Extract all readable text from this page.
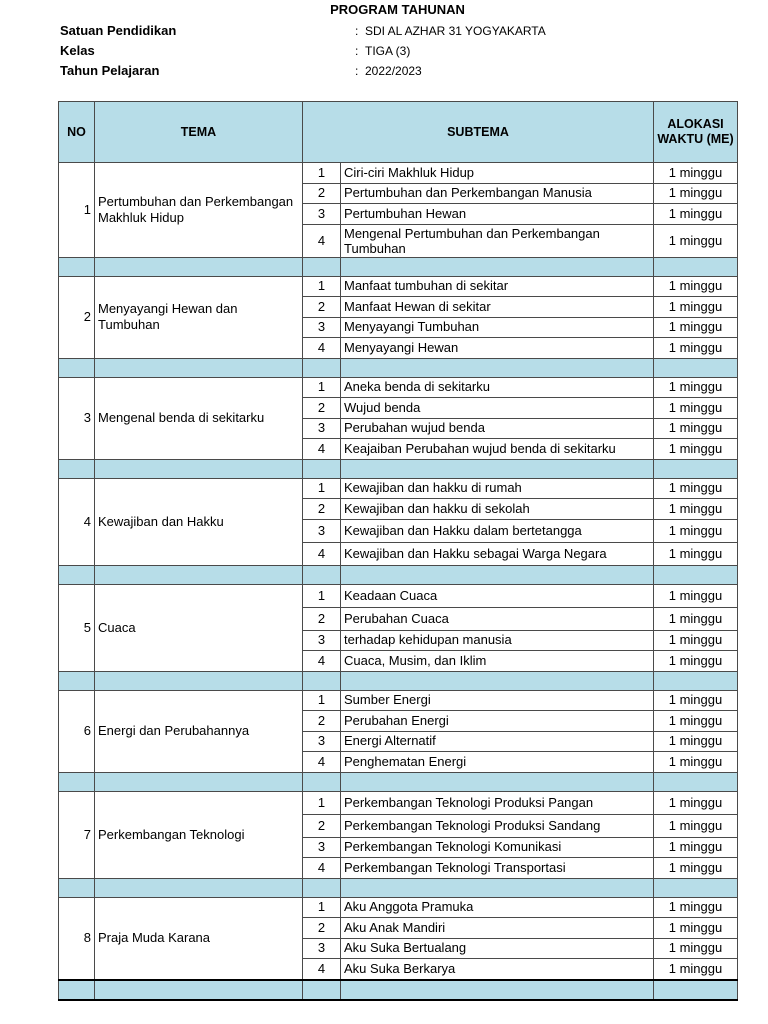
PROGRAM TAHUNAN
Satuan Pendidikan	: SDI AL AZHAR 31 YOGYAKARTA
Kelas	: TIGA (3)
Tahun Pelajaran	: 2022/2023
NO	TEMA	SUBTEMA		ALOKASI WAKTU (ME)
1	Pertumbuhan dan Perkembangan Makhluk Hidup	1	Ciri-ciri Makhluk Hidup	1 minggu
		2	Pertumbuhan dan Perkembangan Manusia	1 minggu
		3	Pertumbuhan Hewan	1 minggu
		4	Mengenal Pertumbuhan dan Perkembangan Tumbuhan	1 minggu

2	Menyayangi Hewan dan Tumbuhan	1	Manfaat tumbuhan di sekitar	1 minggu
		2	Manfaat Hewan di sekitar	1 minggu
		3	Menyayangi Tumbuhan	1 minggu
		4	Menyayangi Hewan	1 minggu

3	Mengenal benda di sekitarku	1	Aneka benda di sekitarku	1 minggu
		2	Wujud benda	1 minggu
		3	Perubahan wujud benda	1 minggu
		4	Keajaiban Perubahan wujud benda di sekitarku	1 minggu

4	Kewajiban dan Hakku	1	Kewajiban dan hakku di rumah	1 minggu
		2	Kewajiban dan hakku di sekolah	1 minggu
		3	Kewajiban dan Hakku dalam bertetangga	1 minggu
		4	Kewajiban dan Hakku sebagai Warga Negara	1 minggu

5	Cuaca	1	Keadaan Cuaca	1 minggu
		2	Perubahan Cuaca	1 minggu
		3	terhadap kehidupan manusia	1 minggu
		4	Cuaca, Musim, dan Iklim	1 minggu

6	Energi dan Perubahannya	1	Sumber Energi	1 minggu
		2	Perubahan Energi	1 minggu
		3	Energi Alternatif	1 minggu
		4	Penghematan Energi	1 minggu

7	Perkembangan Teknologi	1	Perkembangan Teknologi Produksi Pangan	1 minggu
		2	Perkembangan Teknologi Produksi Sandang	1 minggu
		3	Perkembangan Teknologi Komunikasi	1 minggu
		4	Perkembangan Teknologi Transportasi	1 minggu

8	Praja Muda Karana	1	Aku Anggota Pramuka	1 minggu
		2	Aku Anak Mandiri	1 minggu
		3	Aku Suka Bertualang	1 minggu
		4	Aku Suka Berkarya	1 minggu
